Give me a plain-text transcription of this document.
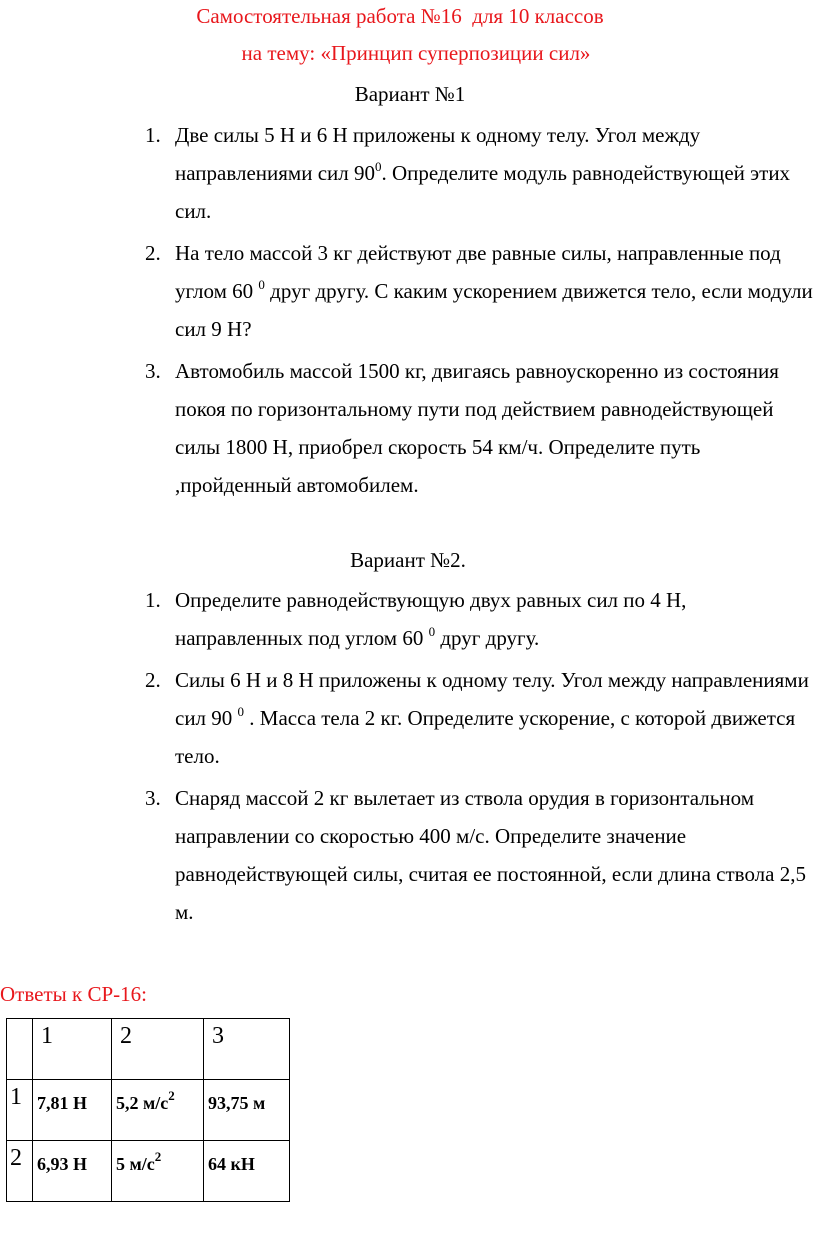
Самостоятельная работа №16  для 10 классов
на тему: «Принцип суперпозиции сил»
Вариант №1
1. Две силы 5 Н и 6 Н приложены к одному телу. Угол между направлениями сил $90^0$. Определите модуль равнодействующей этих сил.
2. На тело массой 3 кг действуют две равные силы, направленные под углом 60 $^0$ друг другу. С каким ускорением движется тело, если модули сил 9 Н?
3. Автомобиль массой 1500 кг, двигаясь равноускоренно из состояния покоя по горизонтальному пути под действием равнодействующей силы 1800 Н, приобрел скорость 54 км/ч. Определите путь ,пройденный автомобилем.
Вариант №2.
1. Определите равнодействующую двух равных сил по 4 Н, направленных под углом 60 $^0$ друг другу.
2. Силы 6 Н и 8 Н приложены к одному телу. Угол между направлениями сил 90 $^0$ . Масса тела 2 кг. Определите ускорение, с которой движется тело.
3. Снаряд массой 2 кг вылетает из ствола орудия в горизонтальном направлении со скоростью 400 м/с. Определите значение равнодействующей силы, считая ее постоянной, если длина ствола 2,5 м.
Ответы к СР-16:

	1	2	3

1	7,81 Н	5,2 $м/с^2$	93,75 м

2	6,93 Н	5 $м/с^2$	64 кН
